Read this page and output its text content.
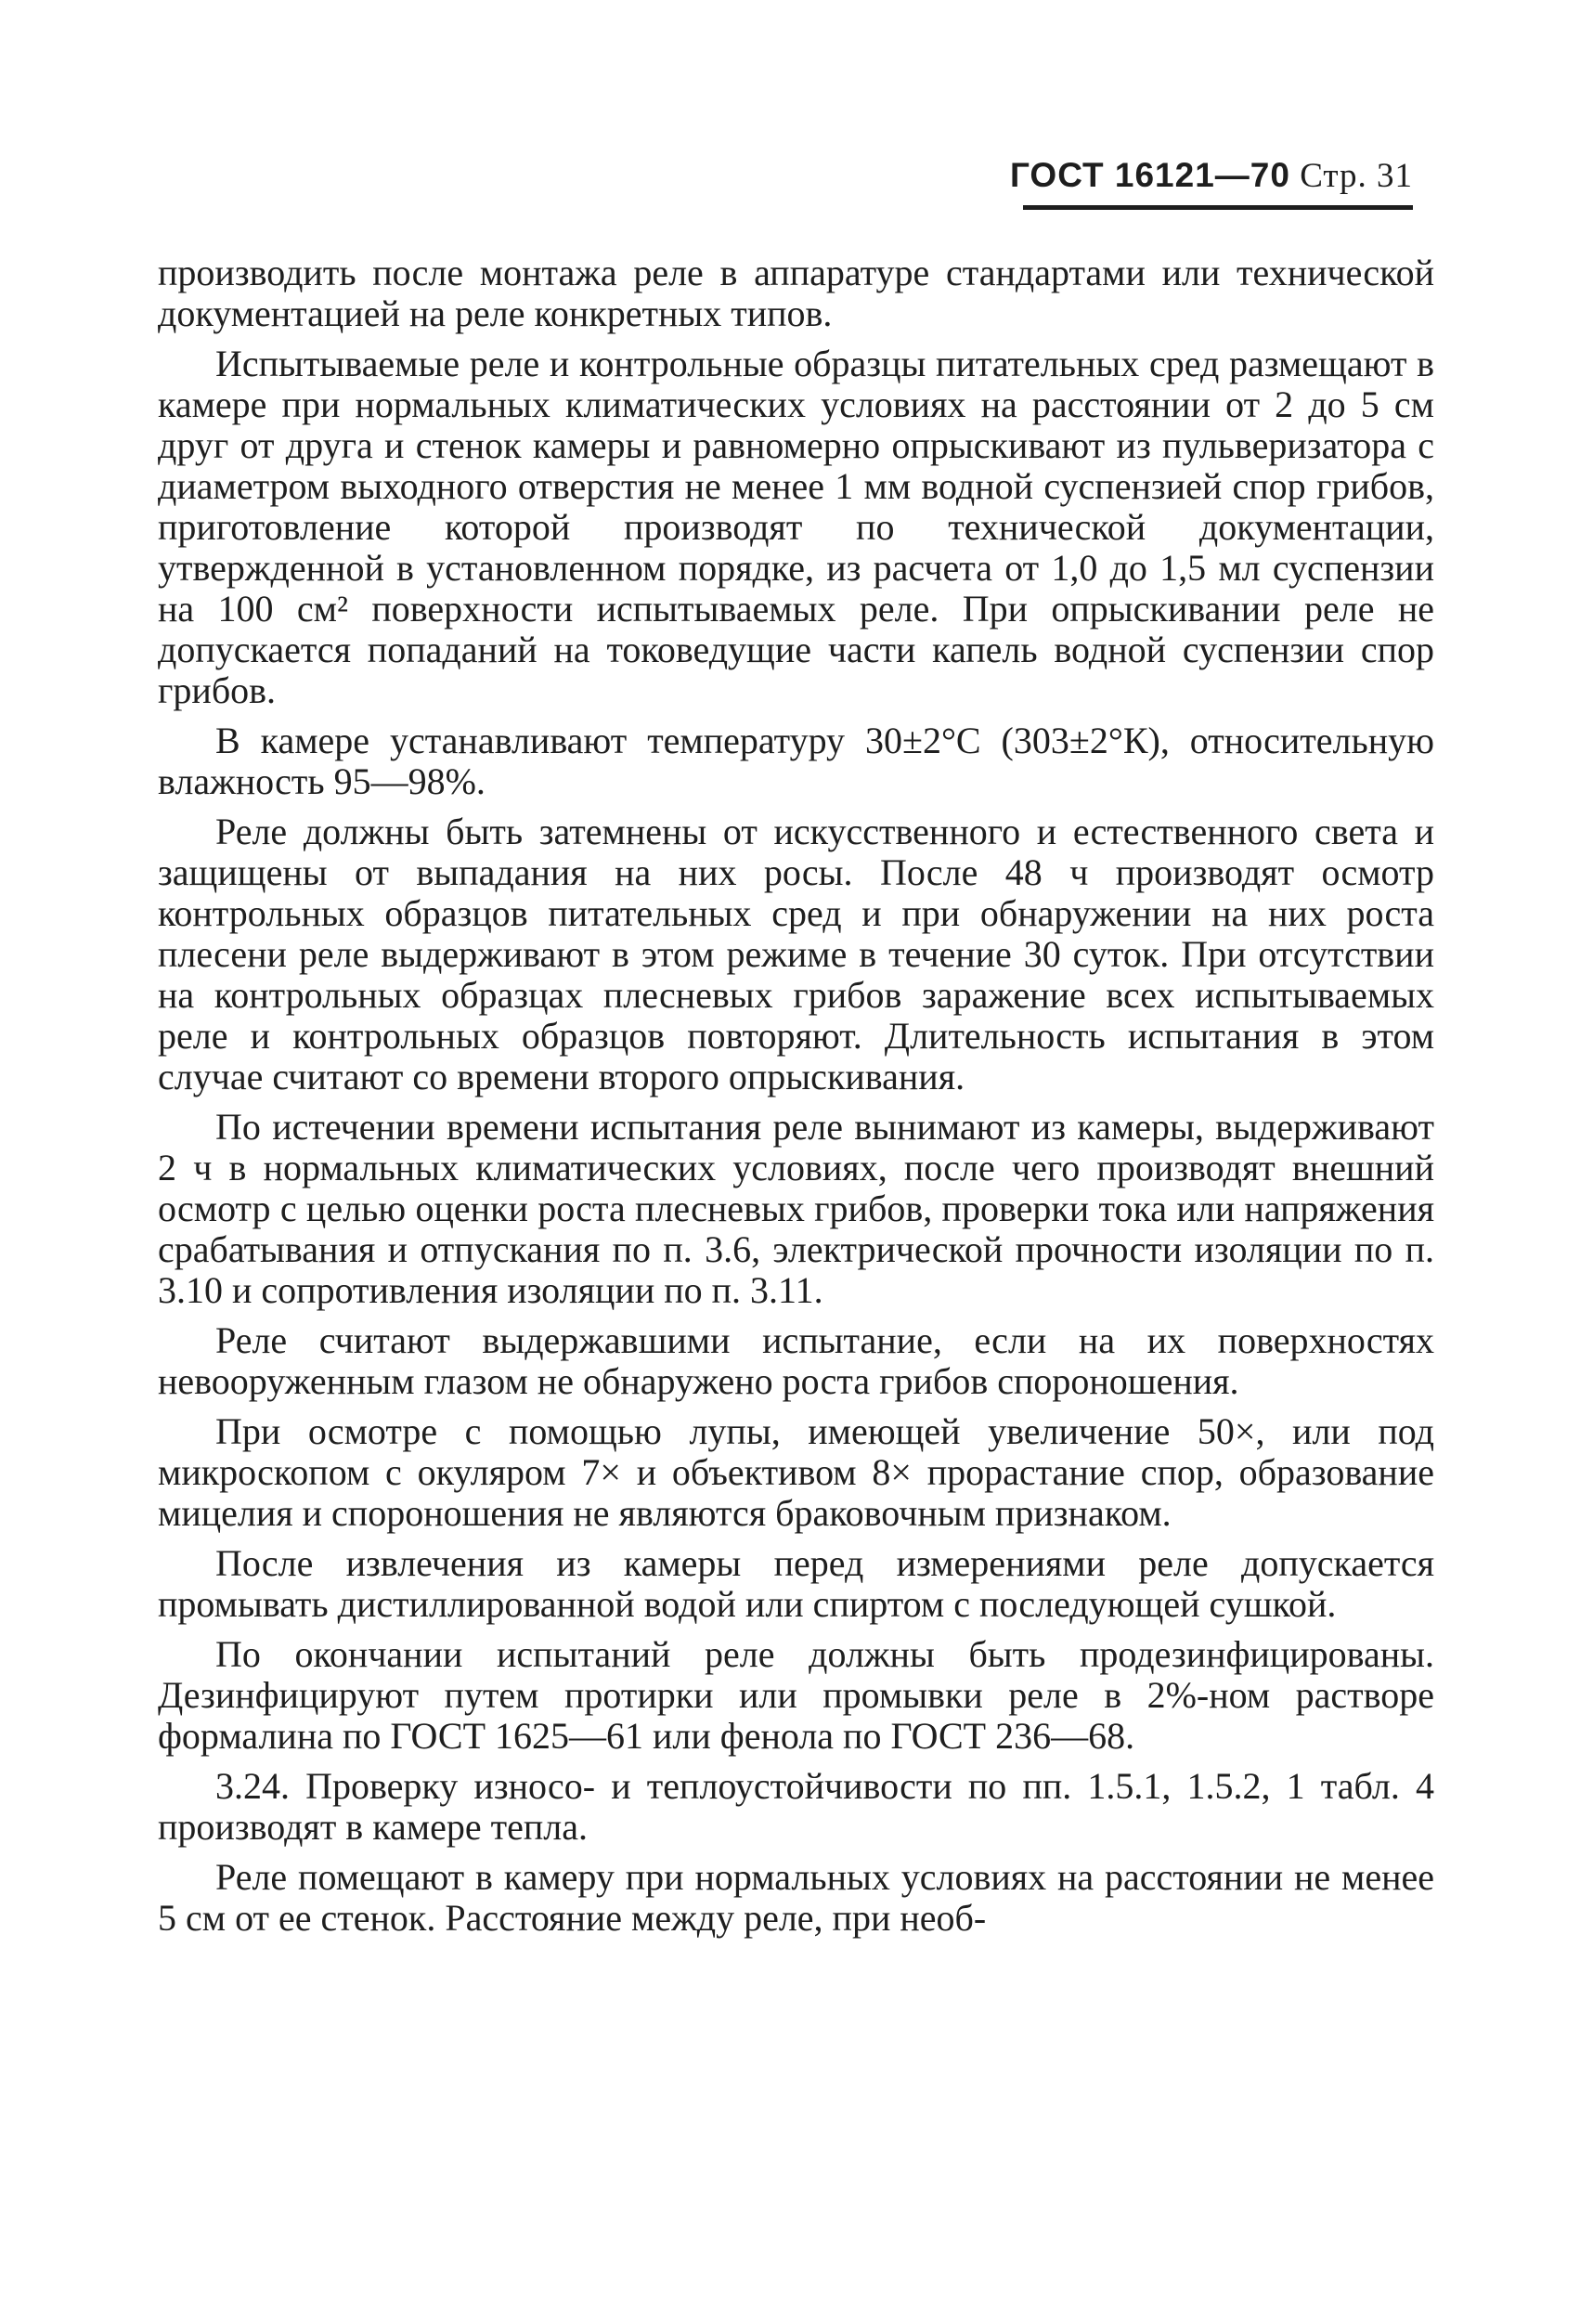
ГОСТ 16121—70 Стр. 31

производить после монтажа реле в аппаратуре стандартами или технической документацией на реле конкретных типов.

Испытываемые реле и контрольные образцы питательных сред размещают в камере при нормальных климатических условиях на расстоянии от 2 до 5 см друг от друга и стенок камеры и равномерно опрыскивают из пульверизатора с диаметром выходного отверстия не менее 1 мм водной суспензией спор грибов, приготовление которой производят по технической документации, утвержденной в установленном порядке, из расчета от 1,0 до 1,5 мл суспензии на 100 см² поверхности испытываемых реле. При опрыскивании реле не допускается попаданий на токоведущие части капель водной суспензии спор грибов.

В камере устанавливают температуру 30±2°С (303±2°К), относительную влажность 95—98%.

Реле должны быть затемнены от искусственного и естественного света и защищены от выпадания на них росы. После 48 ч производят осмотр контрольных образцов питательных сред и при обнаружении на них роста плесени реле выдерживают в этом режиме в течение 30 суток. При отсутствии на контрольных образцах плесневых грибов заражение всех испытываемых реле и контрольных образцов повторяют. Длительность испытания в этом случае считают со времени второго опрыскивания.

По истечении времени испытания реле вынимают из камеры, выдерживают 2 ч в нормальных климатических условиях, после чего производят внешний осмотр с целью оценки роста плесневых грибов, проверки тока или напряжения срабатывания и отпускания по п. 3.6, электрической прочности изоляции по п. 3.10 и сопротивления изоляции по п. 3.11.

Реле считают выдержавшими испытание, если на их поверхностях невооруженным глазом не обнаружено роста грибов спороношения.

При осмотре с помощью лупы, имеющей увеличение 50×, или под микроскопом с окуляром 7× и объективом 8× прорастание спор, образование мицелия и спороношения не являются браковочным признаком.

После извлечения из камеры перед измерениями реле допускается промывать дистиллированной водой или спиртом с последующей сушкой.

По окончании испытаний реле должны быть продезинфицированы. Дезинфицируют путем протирки или промывки реле в 2%-ном растворе формалина по ГОСТ 1625—61 или фенола по ГОСТ 236—68.

3.24. Проверку износо- и теплоустойчивости по пп. 1.5.1, 1.5.2, 1 табл. 4 производят в камере тепла.

Реле помещают в камеру при нормальных условиях на расстоянии не менее 5 см от ее стенок. Расстояние между реле, при необ-
